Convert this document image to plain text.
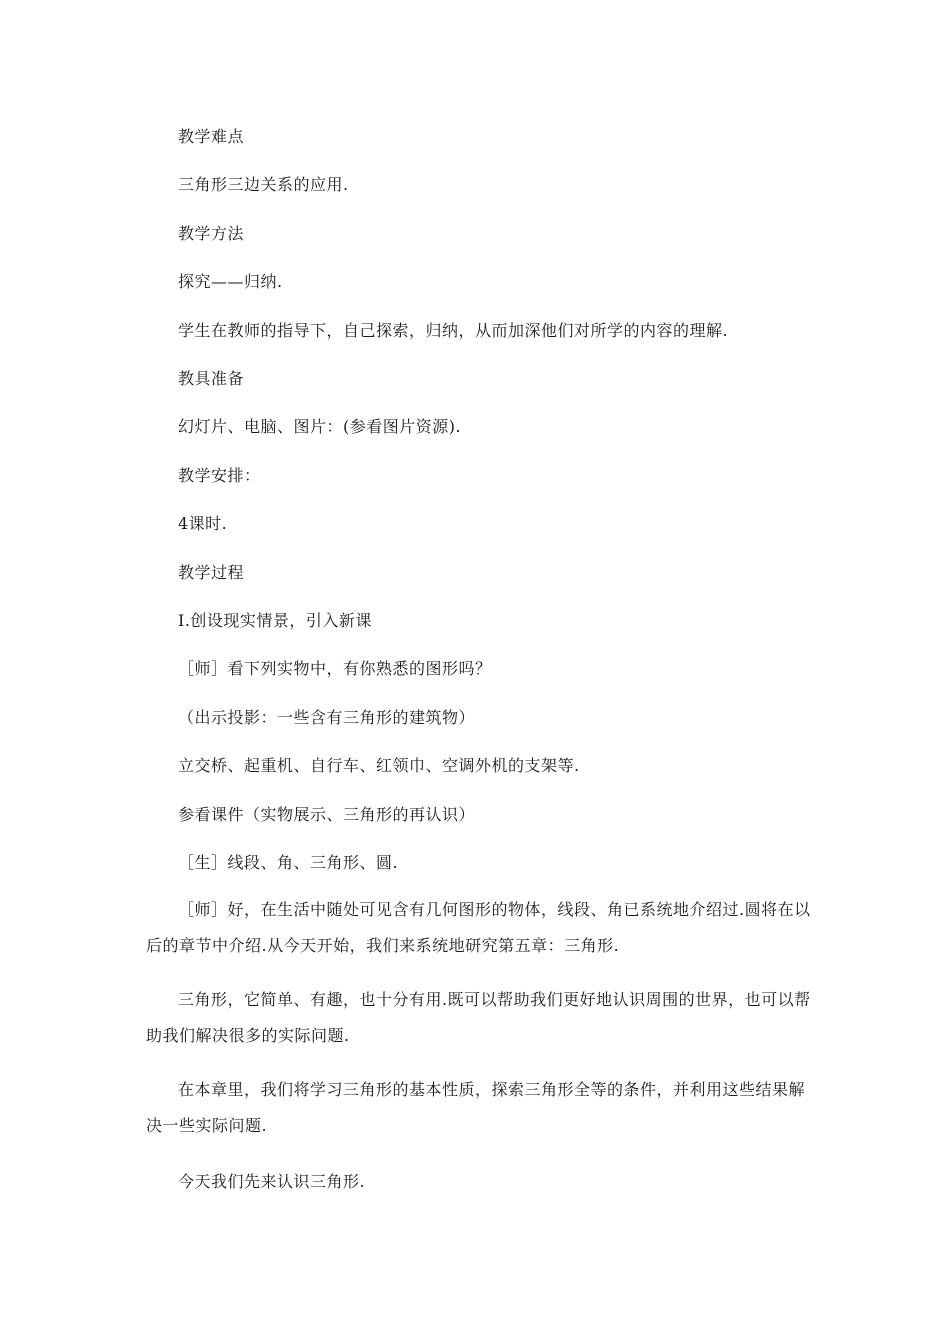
教学难点
三角形三边关系的应用.
教学方法
探究——归纳.
学生在教师的指导下，自己探索，归纳，从而加深他们对所学的内容的理解.
教具准备
幻灯片、电脑、图片：(参看图片资源).
教学安排：
4课时.
教学过程
Ⅰ.创设现实情景，引入新课
［师］看下列实物中，有你熟悉的图形吗？
（出示投影：一些含有三角形的建筑物）
立交桥、起重机、自行车、红领巾、空调外机的支架等.
参看课件（实物展示、三角形的再认识）
［生］线段、角、三角形、圆.
［师］好，在生活中随处可见含有几何图形的物体，线段、角已系统地介绍过.圆将在以后的章节中介绍.从今天开始，我们来系统地研究第五章：三角形.
三角形，它简单、有趣，也十分有用.既可以帮助我们更好地认识周围的世界，也可以帮助我们解决很多的实际问题.
在本章里，我们将学习三角形的基本性质，探索三角形全等的条件，并利用这些结果解决一些实际问题.
今天我们先来认识三角形.
